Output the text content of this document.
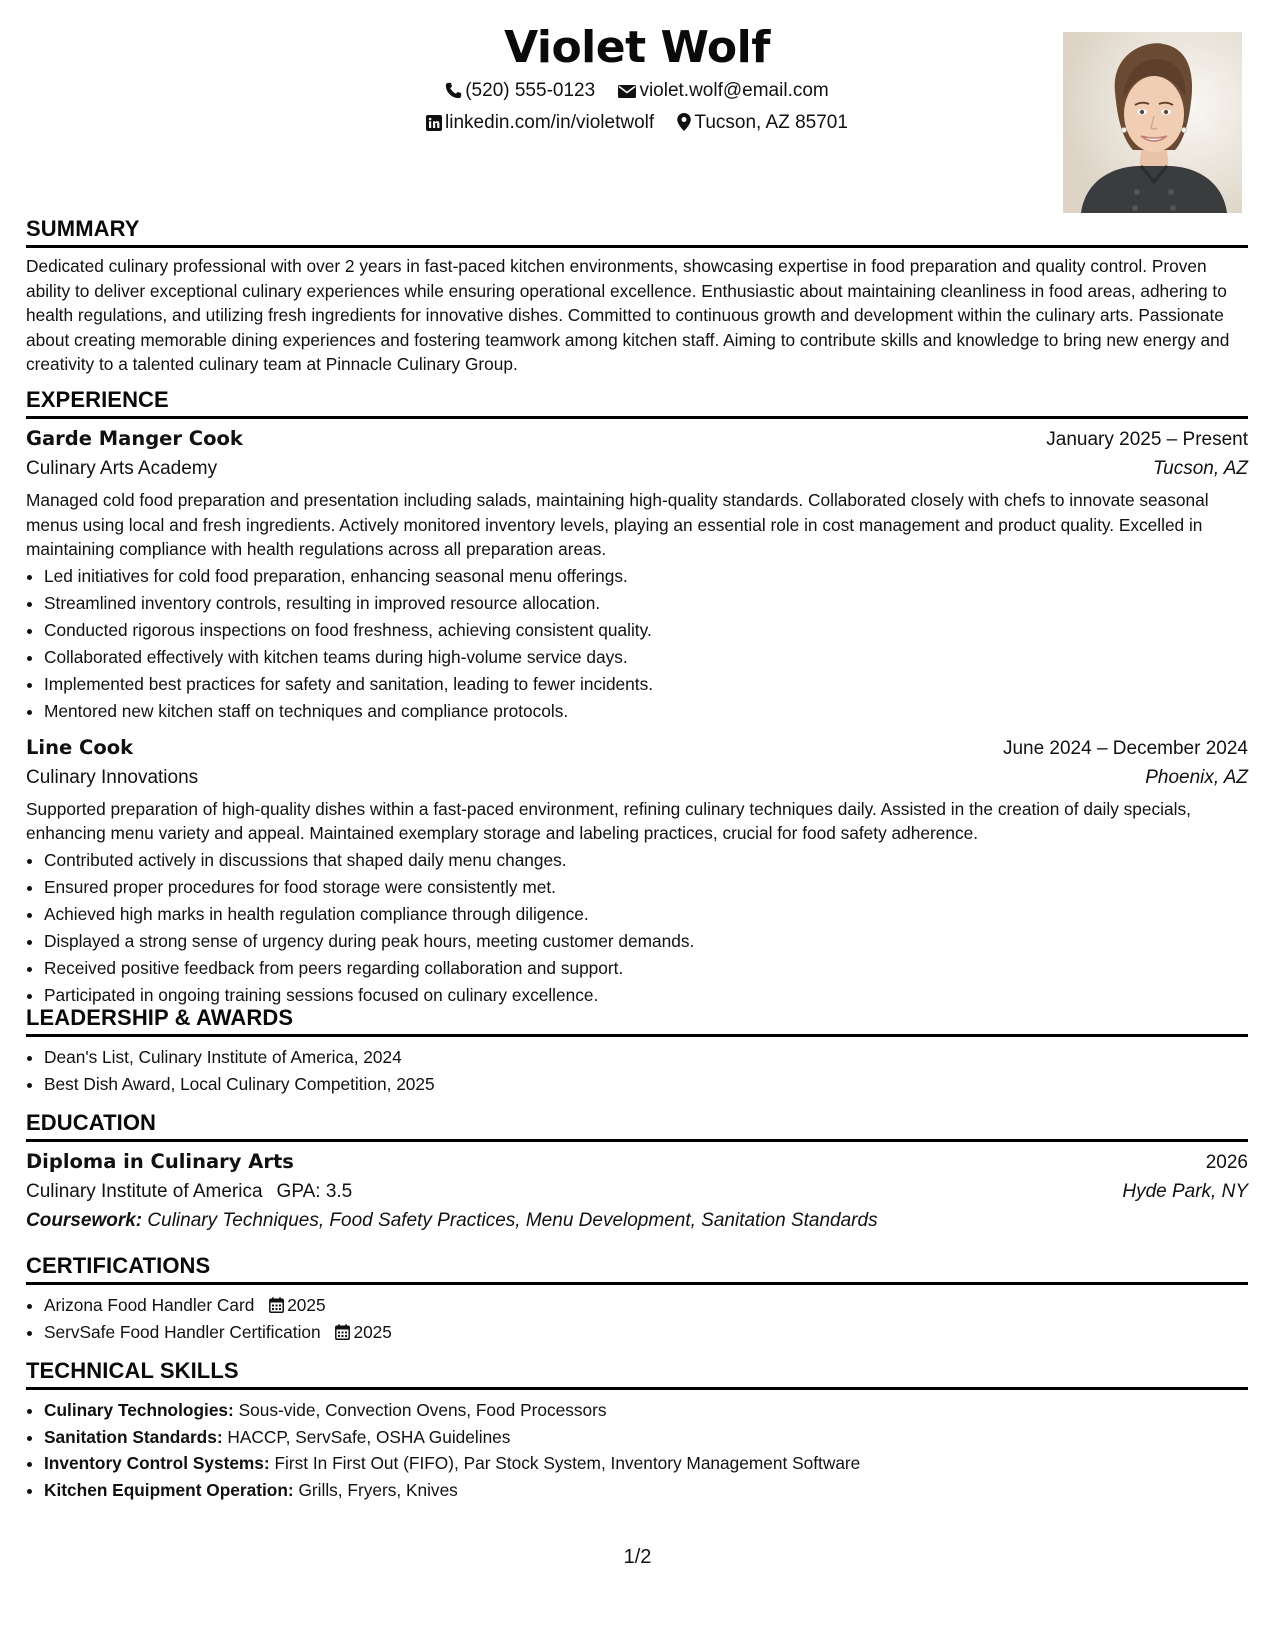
Violet Wolf
(520) 555-0123 violet.wolf@email.com
linkedin.com/in/violetwolf Tucson, AZ 85701
SUMMARY
Dedicated culinary professional with over 2 years in fast-paced kitchen environments, showcasing expertise in food preparation and quality control. Proven ability to deliver exceptional culinary experiences while ensuring operational excellence. Enthusiastic about maintaining cleanliness in food areas, adhering to health regulations, and utilizing fresh ingredients for innovative dishes. Committed to continuous growth and development within the culinary arts. Passionate about creating memorable dining experiences and fostering teamwork among kitchen staff. Aiming to contribute skills and knowledge to bring new energy and creativity to a talented culinary team at Pinnacle Culinary Group.
EXPERIENCE
Garde Manger Cook	January 2025 – Present
Culinary Arts Academy	Tucson, AZ
Managed cold food preparation and presentation including salads, maintaining high-quality standards. Collaborated closely with chefs to innovate seasonal menus using local and fresh ingredients. Actively monitored inventory levels, playing an essential role in cost management and product quality. Excelled in maintaining compliance with health regulations across all preparation areas.
• Led initiatives for cold food preparation, enhancing seasonal menu offerings.
• Streamlined inventory controls, resulting in improved resource allocation.
• Conducted rigorous inspections on food freshness, achieving consistent quality.
• Collaborated effectively with kitchen teams during high-volume service days.
• Implemented best practices for safety and sanitation, leading to fewer incidents.
• Mentored new kitchen staff on techniques and compliance protocols.
Line Cook	June 2024 – December 2024
Culinary Innovations	Phoenix, AZ
Supported preparation of high-quality dishes within a fast-paced environment, refining culinary techniques daily. Assisted in the creation of daily specials, enhancing menu variety and appeal. Maintained exemplary storage and labeling practices, crucial for food safety adherence.
• Contributed actively in discussions that shaped daily menu changes.
• Ensured proper procedures for food storage were consistently met.
• Achieved high marks in health regulation compliance through diligence.
• Displayed a strong sense of urgency during peak hours, meeting customer demands.
• Received positive feedback from peers regarding collaboration and support.
• Participated in ongoing training sessions focused on culinary excellence.
LEADERSHIP & AWARDS
• Dean's List, Culinary Institute of America, 2024
• Best Dish Award, Local Culinary Competition, 2025
EDUCATION
Diploma in Culinary Arts	2026
Culinary Institute of America GPA: 3.5	Hyde Park, NY
Coursework: Culinary Techniques, Food Safety Practices, Menu Development, Sanitation Standards
CERTIFICATIONS
• Arizona Food Handler Card 2025
• ServSafe Food Handler Certification 2025
TECHNICAL SKILLS
• Culinary Technologies: Sous-vide, Convection Ovens, Food Processors
• Sanitation Standards: HACCP, ServSafe, OSHA Guidelines
• Inventory Control Systems: First In First Out (FIFO), Par Stock System, Inventory Management Software
• Kitchen Equipment Operation: Grills, Fryers, Knives
1/2
